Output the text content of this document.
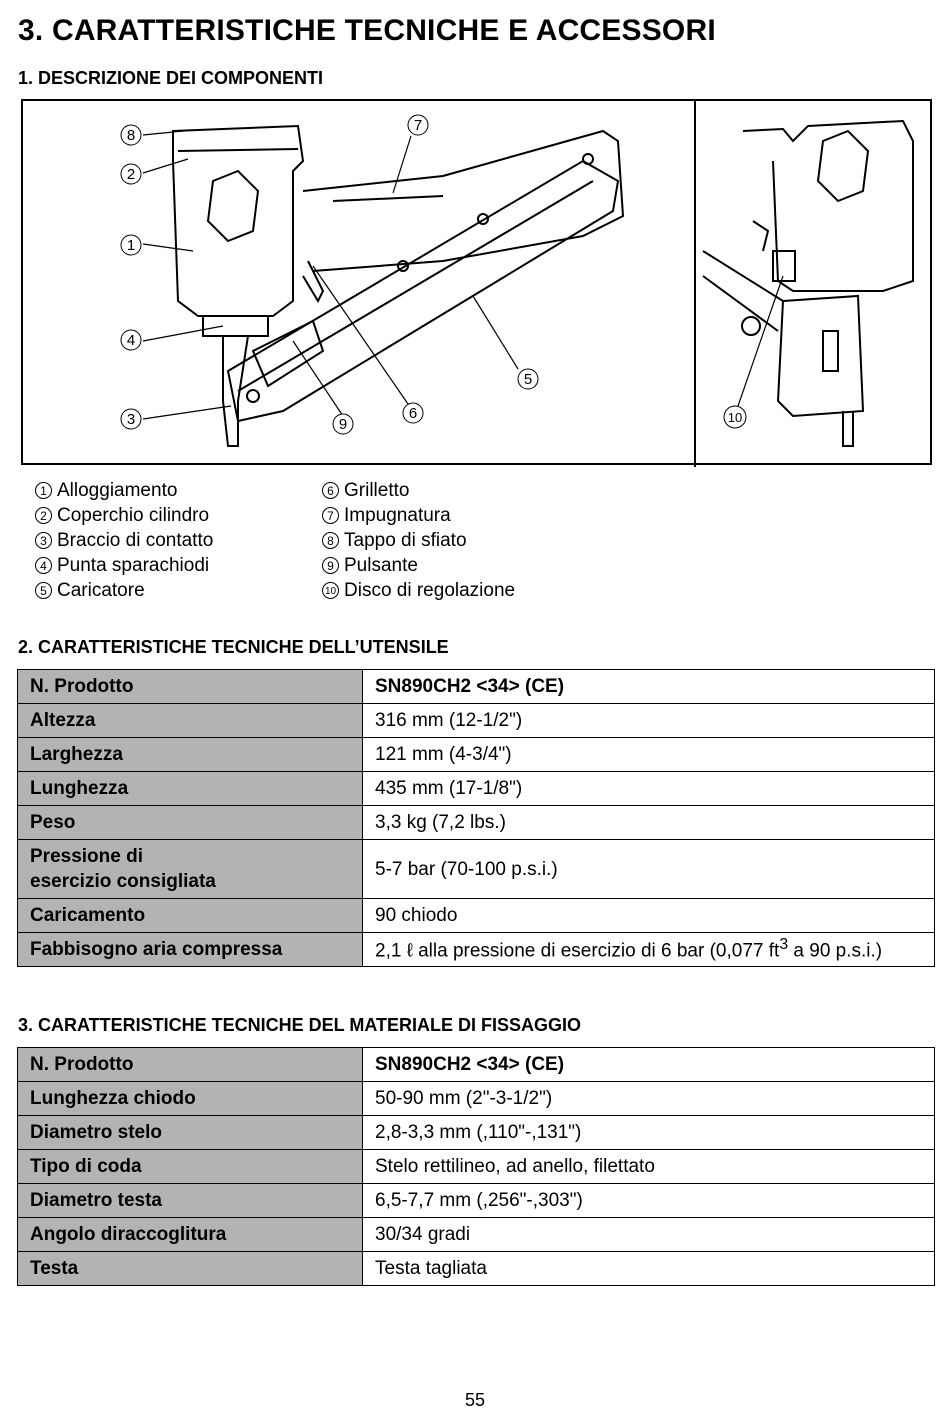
3. CARATTERISTICHE TECNICHE E ACCESSORI
1. DESCRIZIONE DEI COMPONENTI
8
2
1
4
3
7
5
6
9	10
1 Alloggiamento
2 Coperchio cilindro
3 Braccio di contatto
4 Punta sparachiodi
5 Caricatore
6 Grilletto
7 Impugnatura
8 Tappo di sfiato
9 Pulsante
10 Disco di regolazione
2. CARATTERISTICHE TECNICHE DELL’UTENSILE
N. Prodotto	SN890CH2 <34> (CE)
Altezza	316 mm (12-1/2")
Larghezza	121 mm (4-3/4")
Lunghezza	435 mm (17-1/8")
Peso	3,3 kg (7,2 lbs.)
Pressione di
esercizio consigliata	5-7 bar (70-100 p.s.i.)
Caricamento	90 chiodo
Fabbisogno aria compressa	2,1 ℓ alla pressione di esercizio di 6 bar (0,077 $ft^3$ a 90 p.s.i.)
3. CARATTERISTICHE TECNICHE DEL MATERIALE DI FISSAGGIO
N. Prodotto	SN890CH2 <34> (CE)
Lunghezza chiodo	50-90 mm (2"-3-1/2")
Diametro stelo	2,8-3,3 mm (,110"-,131")
Tipo di coda	Stelo rettilineo, ad anello, filettato
Diametro testa	6,5-7,7 mm (,256"-,303")
Angolo diraccoglitura	30/34 gradi
Testa	Testa tagliata
55
